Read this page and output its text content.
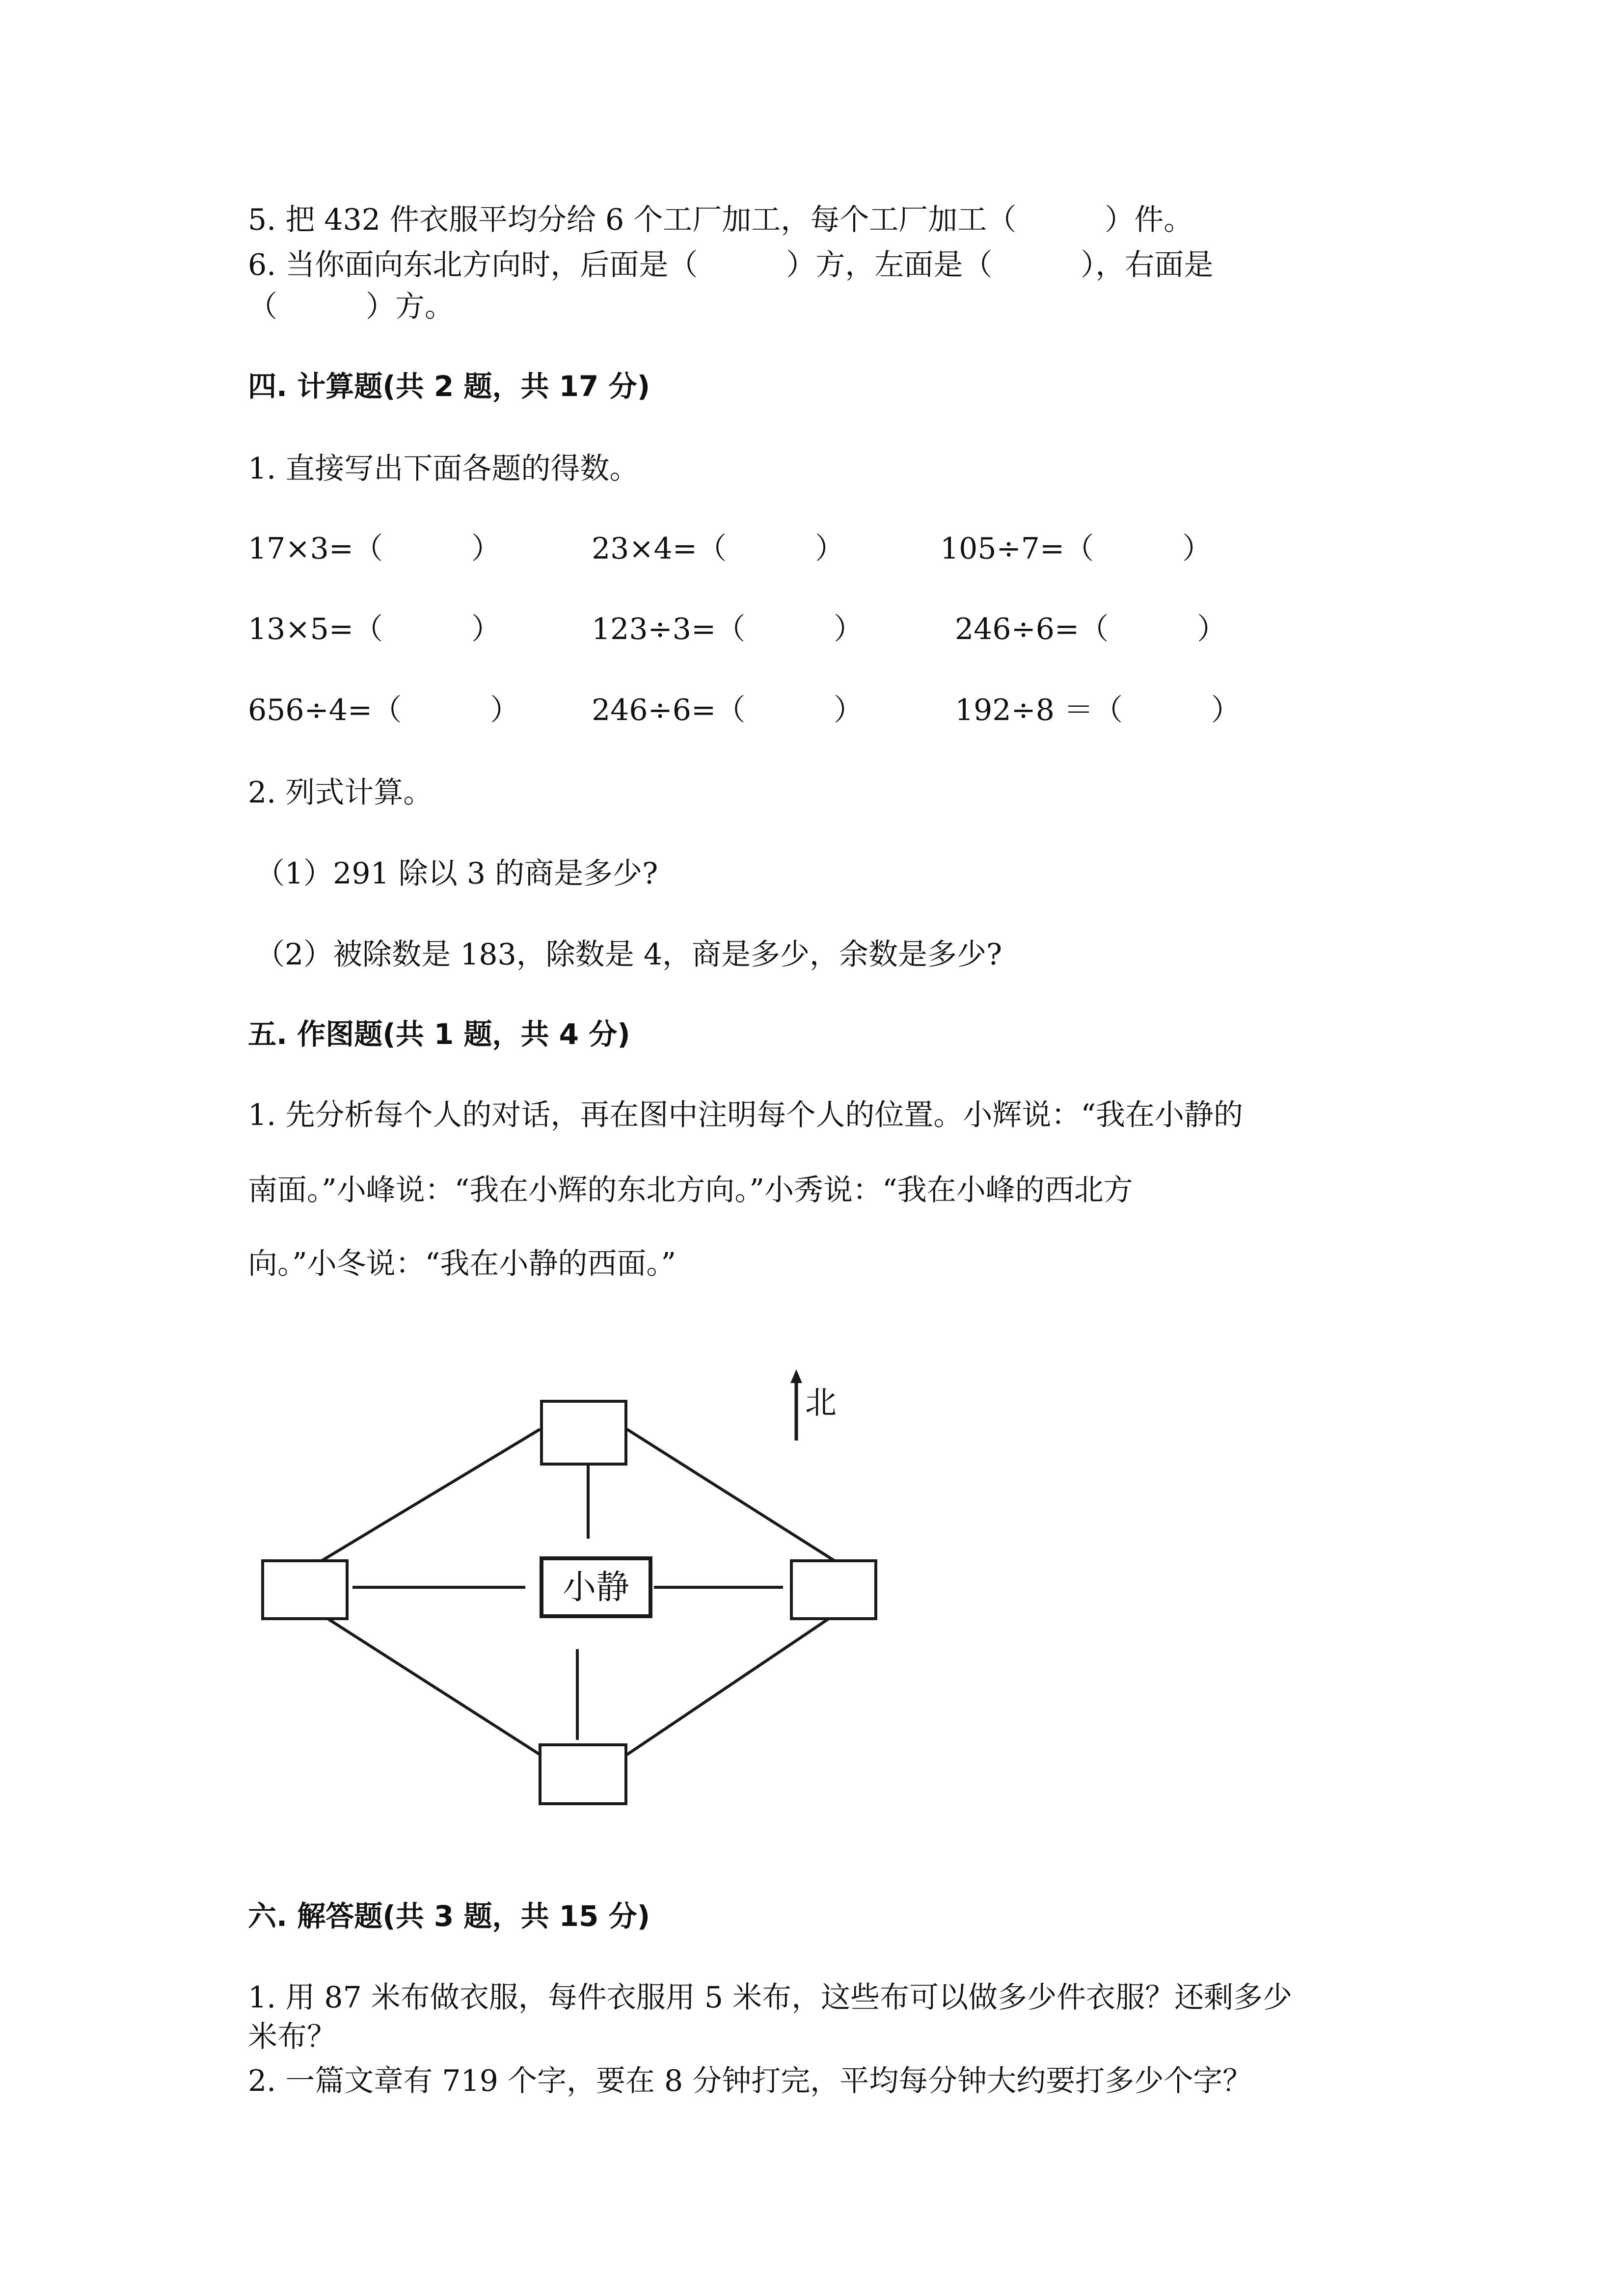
5. 把 432 件衣服平均分给 6 个工厂加工，每个工厂加工（　　　）件。

6. 当你面向东北方向时，后面是（　　　）方，左面是（　　　），右面是

（　　　）方。

四. 计算题(共 2 题，共 17 分)

1. 直接写出下面各题的得数。

17×3=（　　　）	23×4=（　　　）	105÷7=（　　　）

13×5=（　　　）	123÷3=（　　　）	246÷6=（　　　）

656÷4=（　　　） 246÷6=（　　　）	192÷8 ＝（　　　）

2. 列式计算。

（1）291 除以 3 的商是多少?

（2）被除数是 183，除数是 4，商是多少，余数是多少?

五. 作图题(共 1 题，共 4 分)

1. 先分析每个人的对话，再在图中注明每个人的位置。小辉说：“我在小静的

南面。”小峰说：“我在小辉的东北方向。”小秀说：“我在小峰的西北方

向。”小冬说：“我在小静的西面。”

小静
北

六. 解答题(共 3 题，共 15 分)

1. 用 87 米布做衣服，每件衣服用 5 米布，这些布可以做多少件衣服？还剩多少

米布？

2. 一篇文章有 719 个字，要在 8 分钟打完，平均每分钟大约要打多少个字？
